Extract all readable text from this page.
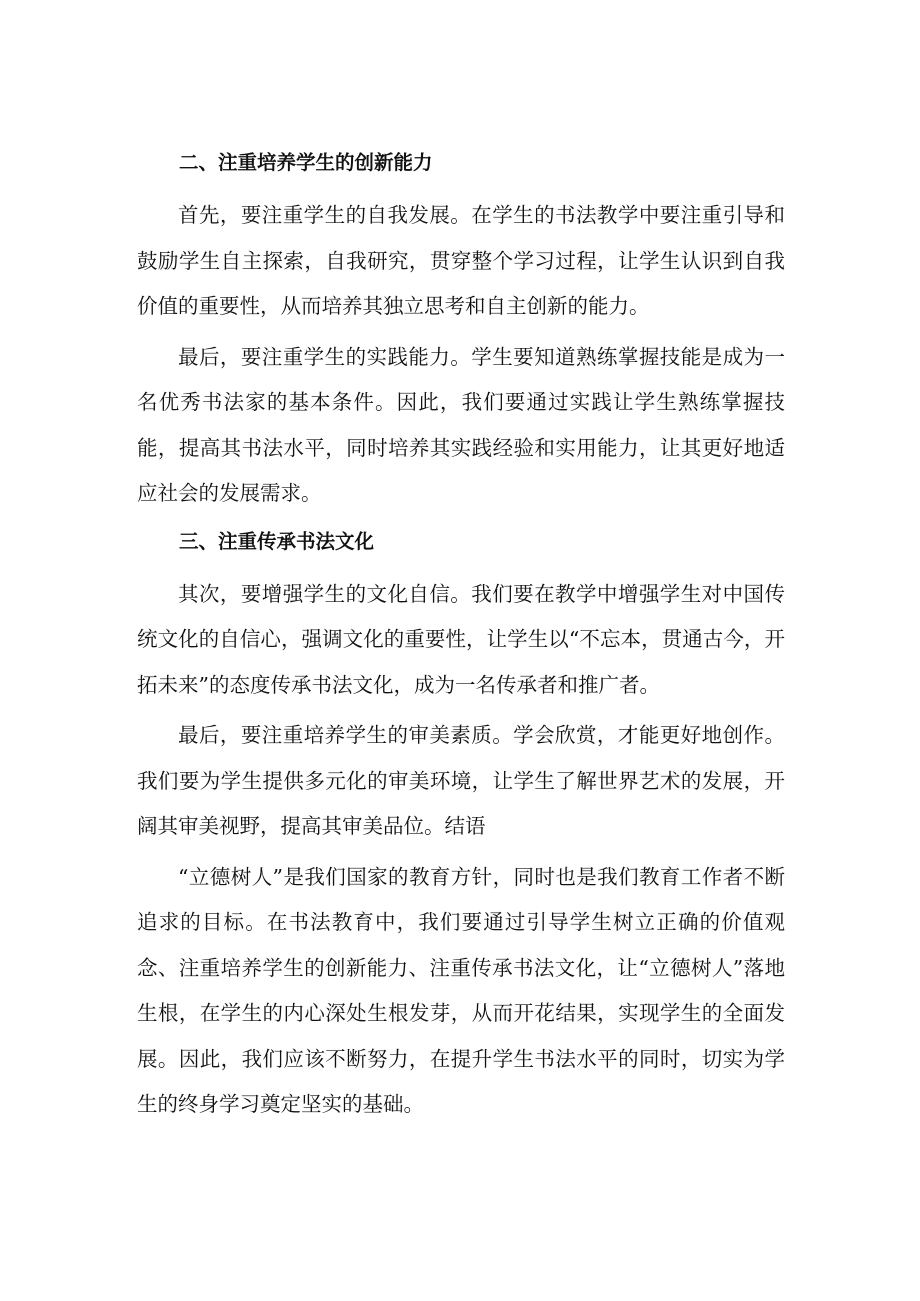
二、注重培养学生的创新能力

首先，要注重学生的自我发展。在学生的书法教学中要注重引导和鼓励学生自主探索，自我研究，贯穿整个学习过程，让学生认识到自我价值的重要性，从而培养其独立思考和自主创新的能力。

最后，要注重学生的实践能力。学生要知道熟练掌握技能是成为一名优秀书法家的基本条件。因此，我们要通过实践让学生熟练掌握技能，提高其书法水平，同时培养其实践经验和实用能力，让其更好地适应社会的发展需求。

三、注重传承书法文化

其次，要增强学生的文化自信。我们要在教学中增强学生对中国传统文化的自信心，强调文化的重要性，让学生以“不忘本，贯通古今，开拓未来”的态度传承书法文化，成为一名传承者和推广者。

最后，要注重培养学生的审美素质。学会欣赏，才能更好地创作。我们要为学生提供多元化的审美环境，让学生了解世界艺术的发展，开阔其审美视野，提高其审美品位。结语

“立德树人”是我们国家的教育方针，同时也是我们教育工作者不断追求的目标。在书法教育中，我们要通过引导学生树立正确的价值观念、注重培养学生的创新能力、注重传承书法文化，让“立德树人”落地生根，在学生的内心深处生根发芽，从而开花结果，实现学生的全面发展。因此，我们应该不断努力，在提升学生书法水平的同时，切实为学生的终身学习奠定坚实的基础。
